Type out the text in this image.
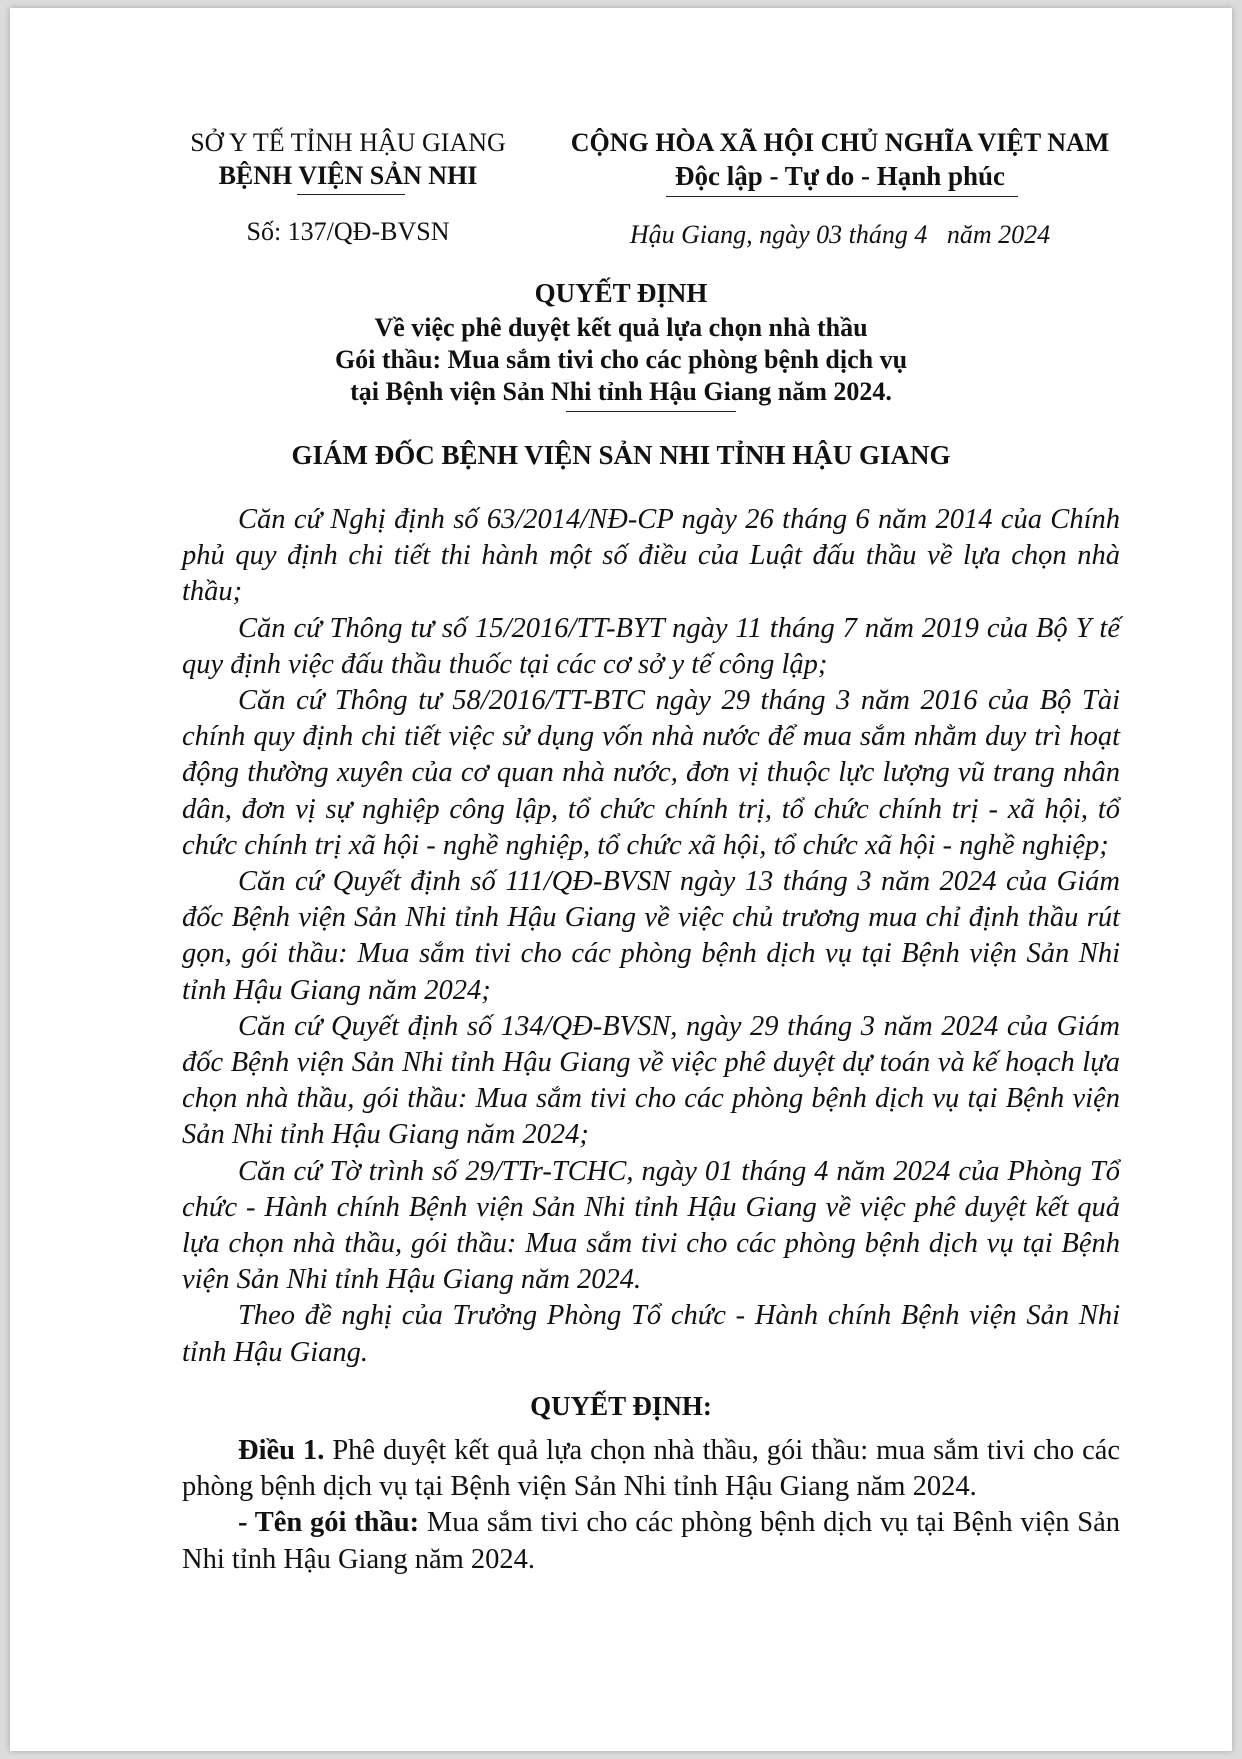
SỞ Y TẾ TỈNH HẬU GIANG
BỆNH VIỆN SẢN NHI
Số: 137/QĐ-BVSN
CỘNG HÒA XÃ HỘI CHỦ NGHĨA VIỆT NAM
Độc lập - Tự do - Hạnh phúc
Hậu Giang, ngày 03 tháng 4   năm 2024
QUYẾT ĐỊNH
Về việc phê duyệt kết quả lựa chọn nhà thầu
Gói thầu: Mua sắm tivi cho các phòng bệnh dịch vụ
tại Bệnh viện Sản Nhi tỉnh Hậu Giang năm 2024.
GIÁM ĐỐC BỆNH VIỆN SẢN NHI TỈNH HẬU GIANG

Căn cứ Nghị định số 63/2014/NĐ-CP ngày 26 tháng 6 năm 2014 của Chính phủ quy định chi tiết thi hành một số điều của Luật đấu thầu về lựa chọn nhà thầu;

Căn cứ Thông tư số 15/2016/TT-BYT ngày 11 tháng 7 năm 2019 của Bộ Y tế quy định việc đấu thầu thuốc tại các cơ sở y tế công lập;

Căn cứ Thông tư 58/2016/TT-BTC ngày 29 tháng 3 năm 2016 của Bộ Tài chính quy định chi tiết việc sử dụng vốn nhà nước để mua sắm nhằm duy trì hoạt động thường xuyên của cơ quan nhà nước, đơn vị thuộc lực lượng vũ trang nhân dân, đơn vị sự nghiệp công lập, tổ chức chính trị, tổ chức chính trị - xã hội, tổ chức chính trị xã hội - nghề nghiệp, tổ chức xã hội, tổ chức xã hội - nghề nghiệp;

Căn cứ Quyết định số 111/QĐ-BVSN ngày 13 tháng 3 năm 2024 của Giám đốc Bệnh viện Sản Nhi tỉnh Hậu Giang về việc chủ trương mua chỉ định thầu rút gọn, gói thầu: Mua sắm tivi cho các phòng bệnh dịch vụ tại Bệnh viện Sản Nhi tỉnh Hậu Giang năm 2024;

Căn cứ Quyết định số 134/QĐ-BVSN, ngày 29 tháng 3 năm 2024 của Giám đốc Bệnh viện Sản Nhi tỉnh Hậu Giang về việc phê duyệt dự toán và kế hoạch lựa chọn nhà thầu, gói thầu: Mua sắm tivi cho các phòng bệnh dịch vụ tại Bệnh viện Sản Nhi tỉnh Hậu Giang năm 2024;

Căn cứ Tờ trình số 29/TTr-TCHC, ngày 01 tháng 4 năm 2024 của Phòng Tổ chức - Hành chính Bệnh viện Sản Nhi tỉnh Hậu Giang về việc phê duyệt kết quả lựa chọn nhà thầu, gói thầu: Mua sắm tivi cho các phòng bệnh dịch vụ tại Bệnh viện Sản Nhi tỉnh Hậu Giang năm 2024.

Theo đề nghị của Trưởng Phòng Tổ chức - Hành chính Bệnh viện Sản Nhi tỉnh Hậu Giang.

QUYẾT ĐỊNH:

Điều 1. Phê duyệt kết quả lựa chọn nhà thầu, gói thầu: mua sắm tivi cho các phòng bệnh dịch vụ tại Bệnh viện Sản Nhi tỉnh Hậu Giang năm 2024.

- Tên gói thầu: Mua sắm tivi cho các phòng bệnh dịch vụ tại Bệnh viện Sản Nhi tỉnh Hậu Giang năm 2024.
